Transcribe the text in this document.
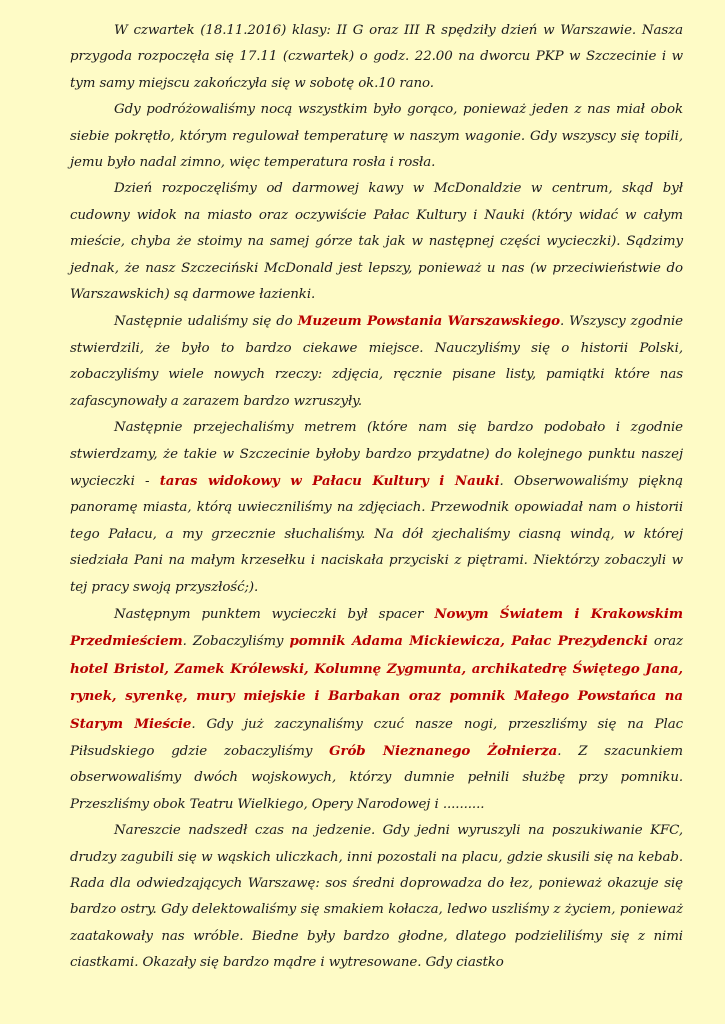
W czwartek (18.11.2016) klasy: II G oraz III R spędziły dzień w Warszawie. Nasza przygoda rozpoczęła się 17.11 (czwartek) o godz. 22.00 na dworcu PKP w Szczecinie i w tym samy miejscu zakończyła się w sobotę ok.10 rano.

Gdy podróżowaliśmy nocą wszystkim było gorąco, ponieważ jeden z nas miał obok siebie pokrętło, którym regulował temperaturę w naszym wagonie. Gdy wszyscy się topili, jemu było nadal zimno, więc temperatura rosła i rosła.

Dzień rozpoczęliśmy od darmowej kawy w McDonaldzie w centrum, skąd był cudowny widok na miasto oraz oczywiście Pałac Kultury i Nauki (który widać w całym mieście, chyba że stoimy na samej górze tak jak w następnej części wycieczki). Sądzimy jednak, że nasz Szczeciński McDonald jest lepszy, ponieważ u nas (w przeciwieństwie do Warszawskich) są darmowe łazienki.

Następnie udaliśmy się do Muzeum Powstania Warszawskiego. Wszyscy zgodnie stwierdzili, że było to bardzo ciekawe miejsce. Nauczyliśmy się o historii Polski, zobaczyliśmy wiele nowych rzeczy: zdjęcia, ręcznie pisane listy, pamiątki które nas zafascynowały a zarazem bardzo wzruszyły.

Następnie przejechaliśmy metrem (które nam się bardzo podobało i zgodnie stwierdzamy, że takie w Szczecinie byłoby bardzo przydatne) do kolejnego punktu naszej wycieczki - taras widokowy w Pałacu Kultury i Nauki. Obserwowaliśmy piękną panoramę miasta, którą uwieczniliśmy na zdjęciach. Przewodnik opowiadał nam o historii tego Pałacu, a my grzecznie słuchaliśmy. Na dół zjechaliśmy ciasną windą, w której siedziała Pani na małym krzesełku i naciskała przyciski z piętrami. Niektórzy zobaczyli w tej pracy swoją przyszłość;).

Następnym punktem wycieczki był spacer Nowym Światem i Krakowskim Przedmieściem. Zobaczyliśmy pomnik Adama Mickiewicza, Pałac Prezydencki oraz hotel Bristol, Zamek Królewski, Kolumnę Zygmunta, archikatedrę Świętego Jana, rynek, syrenkę, mury miejskie i Barbakan oraz pomnik Małego Powstańca na Starym Mieście. Gdy już zaczynaliśmy czuć nasze nogi, przeszliśmy się na Plac Piłsudskiego gdzie zobaczyliśmy Grób Nieznanego Żołnierza. Z szacunkiem obserwowaliśmy dwóch wojskowych, którzy dumnie pełnili służbę przy pomniku. Przeszliśmy obok Teatru Wielkiego, Opery Narodowej i ..........

Nareszcie nadszedł czas na jedzenie. Gdy jedni wyruszyli na poszukiwanie KFC, drudzy zagubili się w wąskich uliczkach, inni pozostali na placu, gdzie skusili się na kebab. Rada dla odwiedzających Warszawę: sos średni doprowadza do łez, ponieważ okazuje się bardzo ostry. Gdy delektowaliśmy się smakiem kołacza, ledwo uszliśmy z życiem, ponieważ zaatakowały nas wróble. Biedne były bardzo głodne, dlatego podzieliliśmy się z nimi ciastkami. Okazały się bardzo mądre i wytresowane. Gdy ciastko
